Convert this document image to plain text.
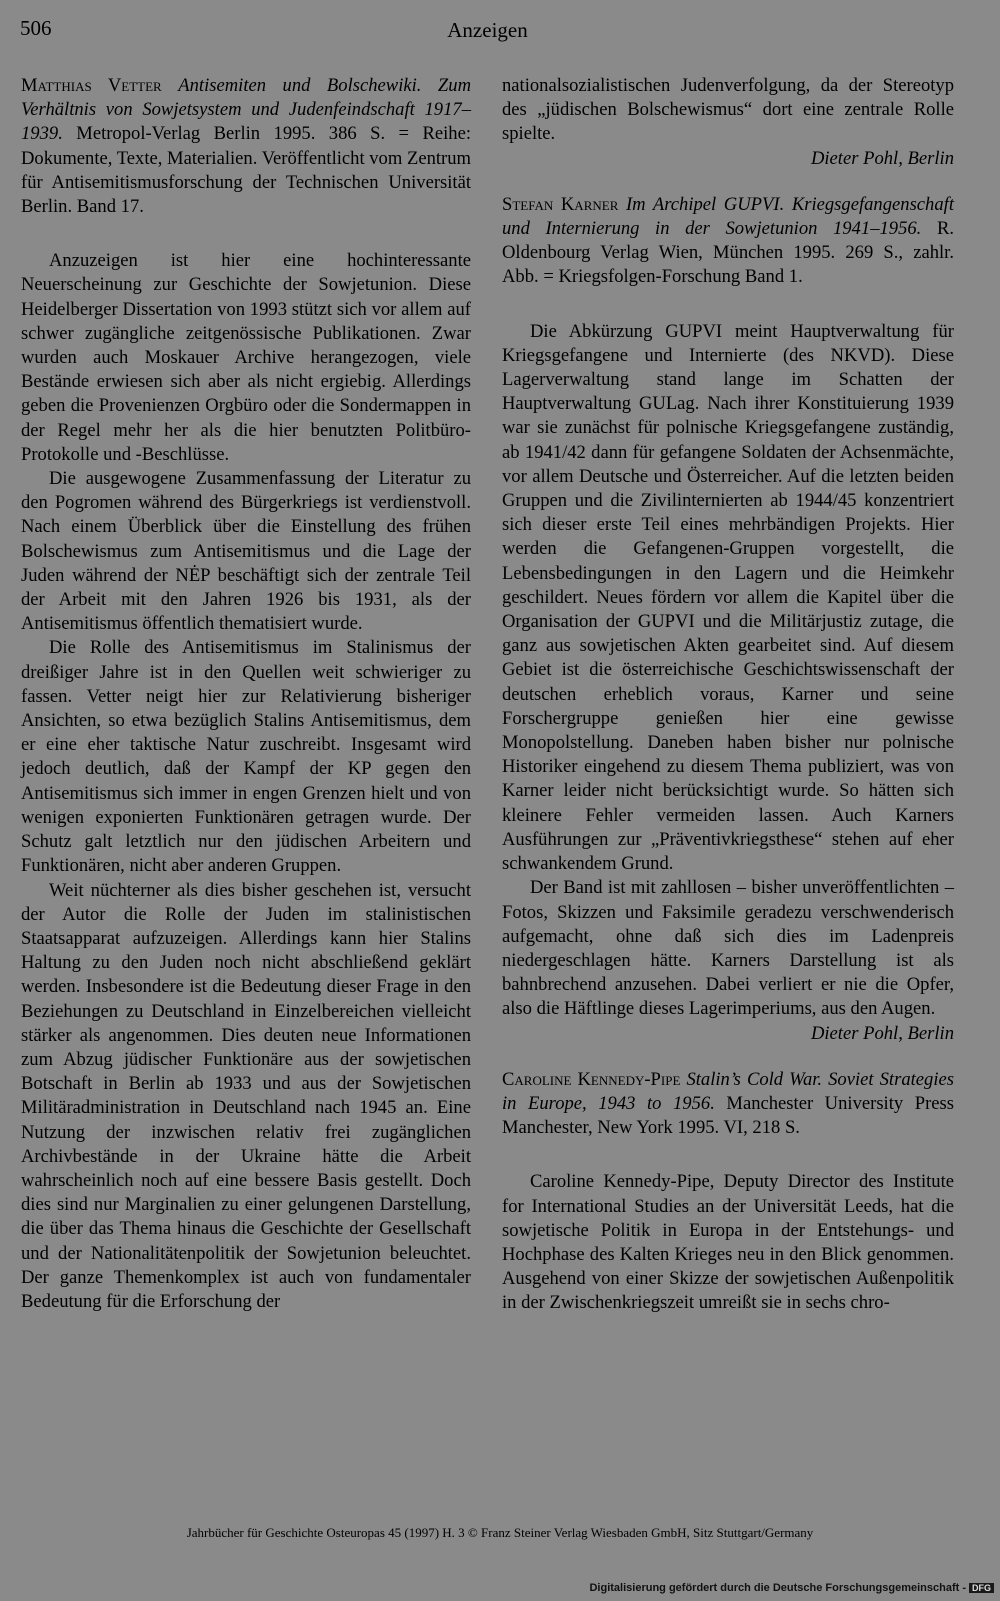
506	Anzeigen

Matthias Vetter Antisemiten und Bolschewiki. Zum Verhältnis von Sowjetsystem und Judenfeindschaft 1917–1939. Metropol-Verlag Berlin 1995. 386 S. = Reihe: Dokumente, Texte, Materialien. Veröffentlicht vom Zentrum für Antisemitismusforschung der Technischen Universität Berlin. Band 17.

Anzuzeigen ist hier eine hochinteressante Neuerscheinung zur Geschichte der Sowjetunion. Diese Heidelberger Dissertation von 1993 stützt sich vor allem auf schwer zugängliche zeitgenössische Publikationen. Zwar wurden auch Moskauer Archive herangezogen, viele Bestände erwiesen sich aber als nicht ergiebig. Allerdings geben die Provenienzen Orgbüro oder die Sondermappen in der Regel mehr her als die hier benutzten Politbüro-Protokolle und -Beschlüsse.

Die ausgewogene Zusammenfassung der Literatur zu den Pogromen während des Bürgerkriegs ist verdienstvoll. Nach einem Überblick über die Einstellung des frühen Bolschewismus zum Antisemitismus und die Lage der Juden während der NĖP beschäftigt sich der zentrale Teil der Arbeit mit den Jahren 1926 bis 1931, als der Antisemitismus öffentlich thematisiert wurde.

Die Rolle des Antisemitismus im Stalinismus der dreißiger Jahre ist in den Quellen weit schwieriger zu fassen. Vetter neigt hier zur Relativierung bisheriger Ansichten, so etwa bezüglich Stalins Antisemitismus, dem er eine eher taktische Natur zuschreibt. Insgesamt wird jedoch deutlich, daß der Kampf der KP gegen den Antisemitismus sich immer in engen Grenzen hielt und von wenigen exponierten Funktionären getragen wurde. Der Schutz galt letztlich nur den jüdischen Arbeitern und Funktionären, nicht aber anderen Gruppen.

Weit nüchterner als dies bisher geschehen ist, versucht der Autor die Rolle der Juden im stalinistischen Staatsapparat aufzuzeigen. Allerdings kann hier Stalins Haltung zu den Juden noch nicht abschließend geklärt werden. Insbesondere ist die Bedeutung dieser Frage in den Beziehungen zu Deutschland in Einzelbereichen vielleicht stärker als angenommen. Dies deuten neue Informationen zum Abzug jüdischer Funktionäre aus der sowjetischen Botschaft in Berlin ab 1933 und aus der Sowjetischen Militäradministration in Deutschland nach 1945 an. Eine Nutzung der inzwischen relativ frei zugänglichen Archivbestände in der Ukraine hätte die Arbeit wahrscheinlich noch auf eine bessere Basis gestellt. Doch dies sind nur Marginalien zu einer gelungenen Darstellung, die über das Thema hinaus die Geschichte der Gesellschaft und der Nationalitätenpolitik der Sowjetunion beleuchtet. Der ganze Themenkomplex ist auch von fundamentaler Bedeutung für die Erforschung der

nationalsozialistischen Judenverfolgung, da der Stereotyp des „jüdischen Bolschewismus“ dort eine zentrale Rolle spielte.

Dieter Pohl, Berlin

Stefan Karner Im Archipel GUPVI. Kriegsgefangenschaft und Internierung in der Sowjetunion 1941–1956. R. Oldenbourg Verlag Wien, München 1995. 269 S., zahlr. Abb. = Kriegsfolgen-Forschung Band 1.

Die Abkürzung GUPVI meint Hauptverwaltung für Kriegsgefangene und Internierte (des NKVD). Diese Lagerverwaltung stand lange im Schatten der Hauptverwaltung GULag. Nach ihrer Konstituierung 1939 war sie zunächst für polnische Kriegsgefangene zuständig, ab 1941/42 dann für gefangene Soldaten der Achsenmächte, vor allem Deutsche und Österreicher. Auf die letzten beiden Gruppen und die Zivilinternierten ab 1944/45 konzentriert sich dieser erste Teil eines mehrbändigen Projekts. Hier werden die Gefangenen-Gruppen vorgestellt, die Lebensbedingungen in den Lagern und die Heimkehr geschildert. Neues fördern vor allem die Kapitel über die Organisation der GUPVI und die Militärjustiz zutage, die ganz aus sowjetischen Akten gearbeitet sind. Auf diesem Gebiet ist die österreichische Geschichtswissenschaft der deutschen erheblich voraus, Karner und seine Forschergruppe genießen hier eine gewisse Monopolstellung. Daneben haben bisher nur polnische Historiker eingehend zu diesem Thema publiziert, was von Karner leider nicht berücksichtigt wurde. So hätten sich kleinere Fehler vermeiden lassen. Auch Karners Ausführungen zur „Präventivkriegsthese“ stehen auf eher schwankendem Grund.

Der Band ist mit zahllosen – bisher unveröffentlichten – Fotos, Skizzen und Faksimile geradezu verschwenderisch aufgemacht, ohne daß sich dies im Ladenpreis niedergeschlagen hätte. Karners Darstellung ist als bahnbrechend anzusehen. Dabei verliert er nie die Opfer, also die Häftlinge dieses Lagerimperiums, aus den Augen.

Dieter Pohl, Berlin

Caroline Kennedy-Pipe Stalin’s Cold War. Soviet Strategies in Europe, 1943 to 1956. Manchester University Press Manchester, New York 1995. VI, 218 S.

Caroline Kennedy-Pipe, Deputy Director des Institute for International Studies an der Universität Leeds, hat die sowjetische Politik in Europa in der Entstehungs- und Hochphase des Kalten Krieges neu in den Blick genommen. Ausgehend von einer Skizze der sowjetischen Außenpolitik in der Zwischenkriegszeit umreißt sie in sechs chro-

Jahrbücher für Geschichte Osteuropas 45 (1997) H. 3 © Franz Steiner Verlag Wiesbaden GmbH, Sitz Stuttgart/Germany
Digitalisierung gefördert durch die Deutsche Forschungsgemeinschaft - DFG
